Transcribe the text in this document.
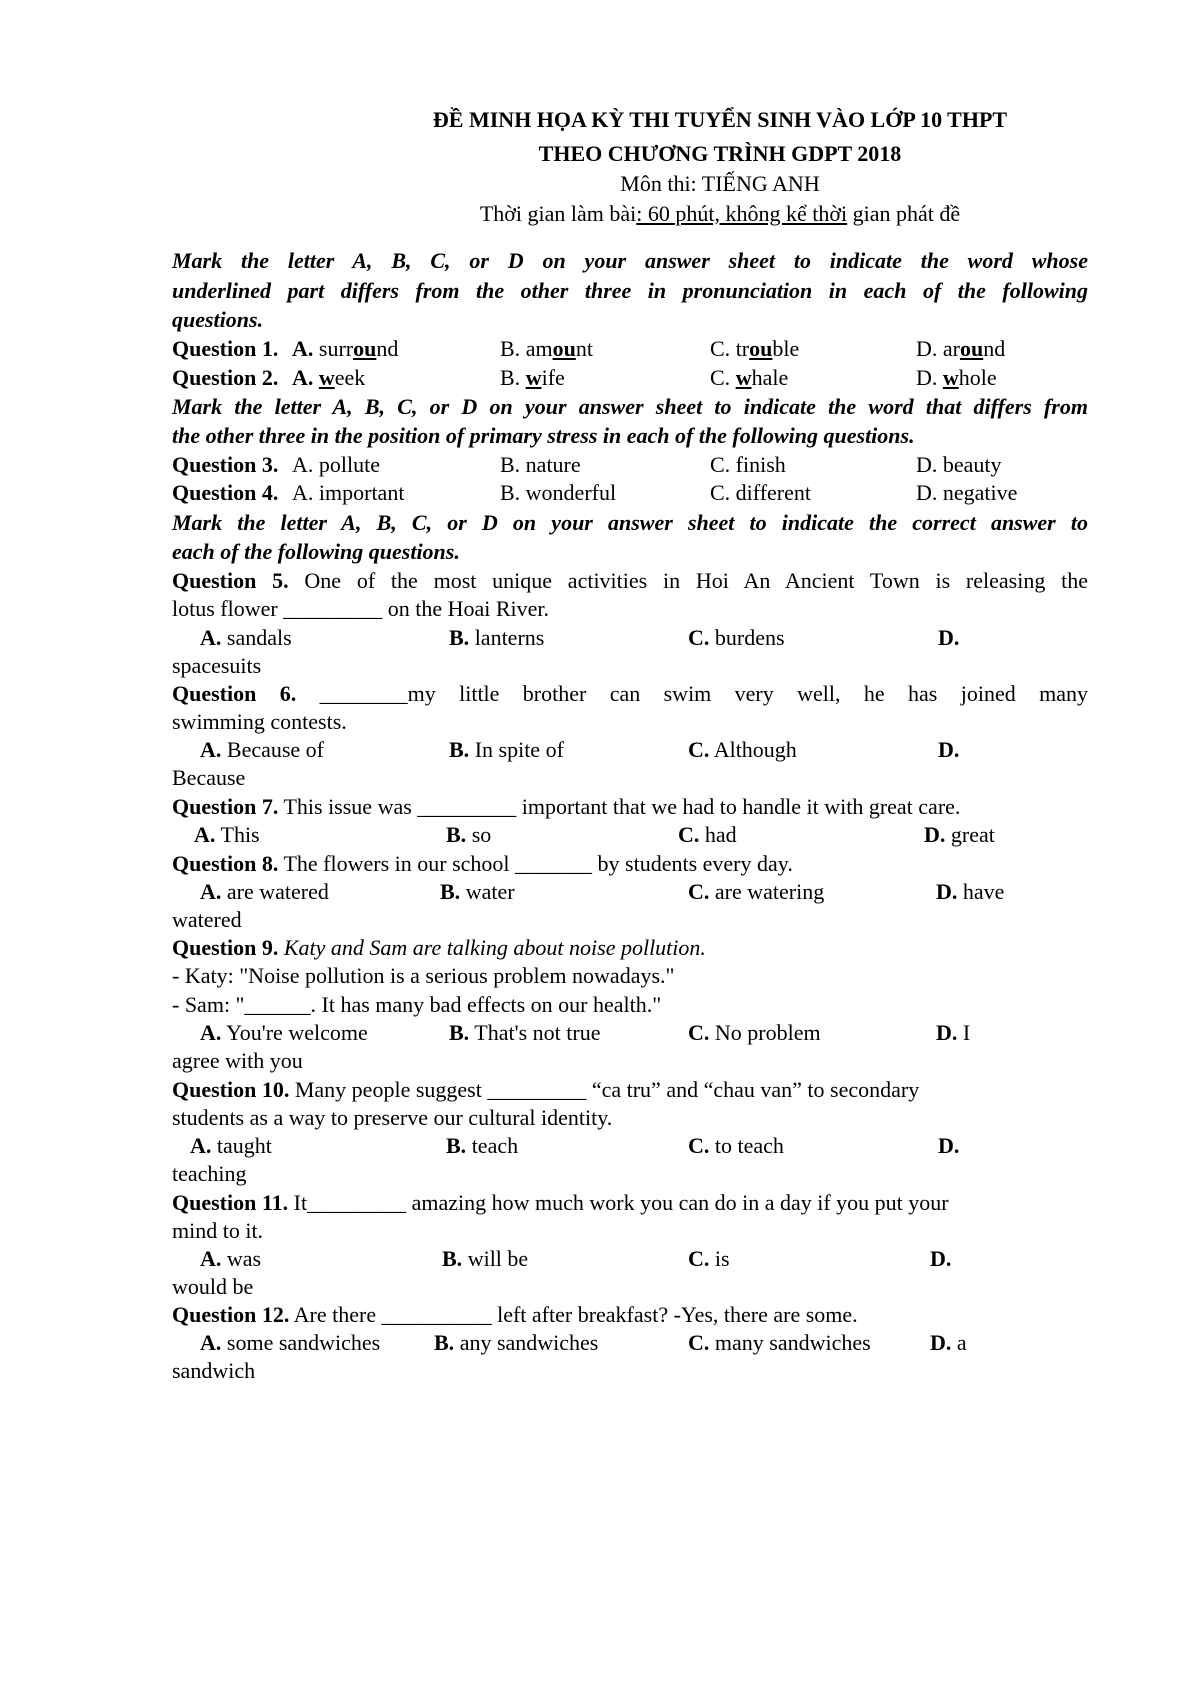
ĐỀ MINH HỌA KỲ THI TUYỂN SINH VÀO LỚP 10 THPT
THEO CHƯƠNG TRÌNH GDPT 2018
Môn thi: TIẾNG ANH
Thời gian làm bài: 60 phút, không kể thời gian phát đề
Mark the letter A, B, C, or D on your answer sheet to indicate the word whose
underlined part differs from the other three in pronunciation in each of the following
questions.
Question 1. A. surround	B. amount	C. trouble	D. around
Question 2. A. week	B. wife	C. whale	D. whole
Mark the letter A, B, C, or D on your answer sheet to indicate the word that differs from
the other three in the position of primary stress in each of the following questions.
Question 3. A. pollute	B. nature	C. finish	D. beauty
Question 4. A. important	B. wonderful	C. different	D. negative
Mark the letter A, B, C, or D on your answer sheet to indicate the correct answer to
each of the following questions.
Question 5. One of the most unique activities in Hoi An Ancient Town is releasing the
lotus flower _________ on the Hoai River.
A. sandals	B. lanterns	C. burdens	D.
spacesuits
Question 6. ________my little brother can swim very well, he has joined many
swimming contests.
A. Because of	B. In spite of	C. Although	D.
Because
Question 7. This issue was _________ important that we had to handle it with great care.
A. This	B. so	C. had	D. great
Question 8. The flowers in our school _______ by students every day.
A. are watered	B. water	C. are watering	D. have
watered
Question 9. Katy and Sam are talking about noise pollution.
- Katy: "Noise pollution is a serious problem nowadays."
- Sam: "______. It has many bad effects on our health."
A. You're welcome	B. That's not true	C. No problem	D. I
agree with you
Question 10. Many people suggest _________ “ca tru” and “chau van” to secondary
students as a way to preserve our cultural identity.
A. taught	B. teach	C. to teach	D.
teaching
Question 11. It_________ amazing how much work you can do in a day if you put your
mind to it.
A. was	B. will be	C. is	D.
would be
Question 12. Are there __________ left after breakfast? -Yes, there are some.
A. some sandwiches B. any sandwiches	C. many sandwiches	D. a
sandwich
